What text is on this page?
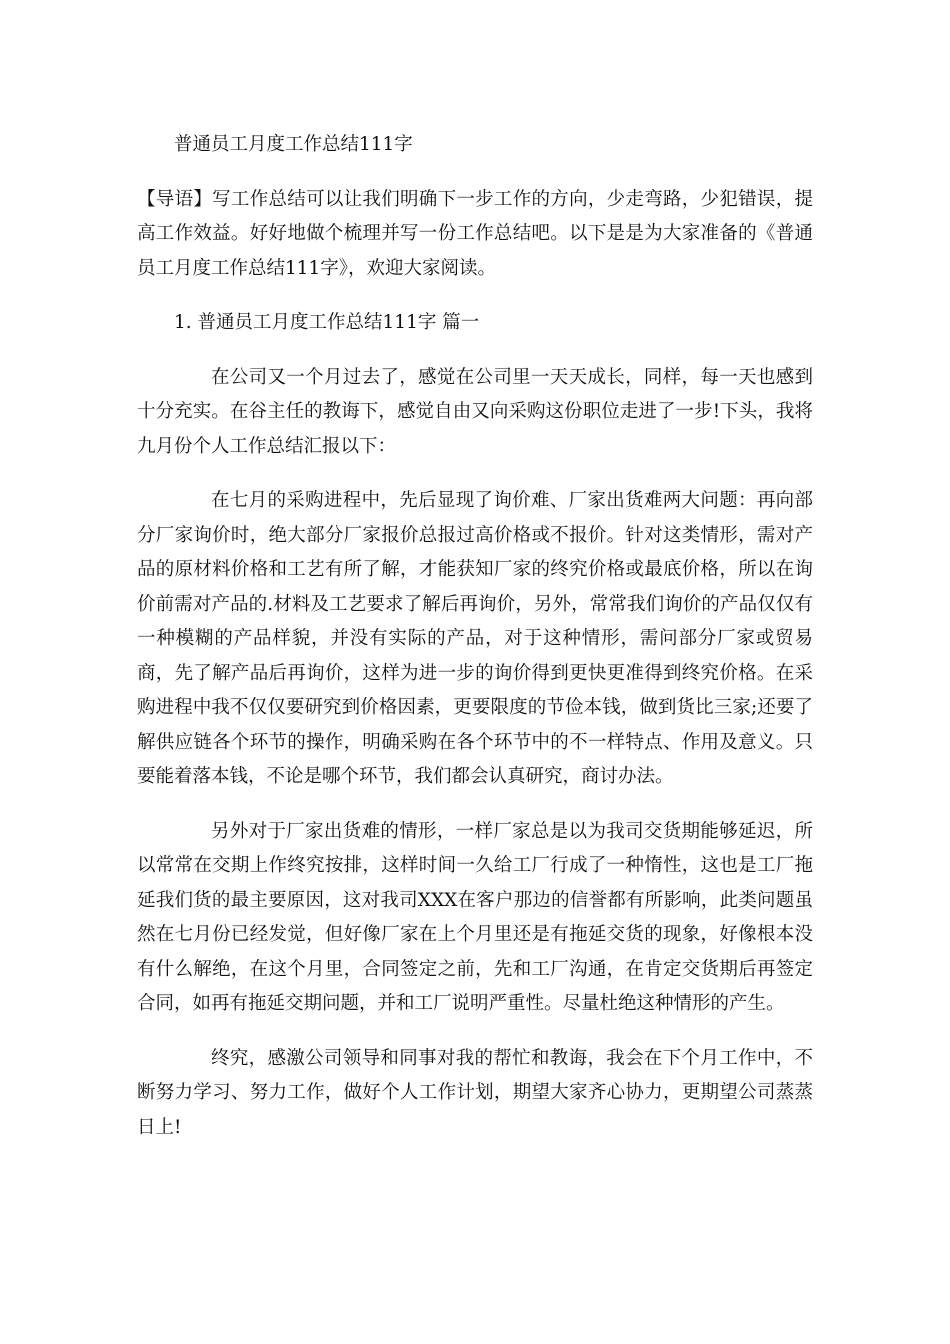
普通员工月度工作总结111字

【导语】写工作总结可以让我们明确下一步工作的方向，少走弯路，少犯错误，提高工作效益。好好地做个梳理并写一份工作总结吧。以下是是为大家准备的《普通员工月度工作总结111字》，欢迎大家阅读。

1. 普通员工月度工作总结111字 篇一

在公司又一个月过去了，感觉在公司里一天天成长，同样，每一天也感到十分充实。在谷主任的教诲下，感觉自由又向采购这份职位走进了一步!下头，我将九月份个人工作总结汇报以下：

在七月的采购进程中，先后显现了询价难、厂家出货难两大问题：再向部分厂家询价时，绝大部分厂家报价总报过高价格或不报价。针对这类情形，需对产品的原材料价格和工艺有所了解，才能获知厂家的终究价格或最底价格，所以在询价前需对产品的.材料及工艺要求了解后再询价，另外，常常我们询价的产品仅仅有一种模糊的产品样貌，并没有实际的产品，对于这种情形，需问部分厂家或贸易商，先了解产品后再询价，这样为进一步的询价得到更快更准得到终究价格。在采购进程中我不仅仅要研究到价格因素，更要限度的节俭本钱，做到货比三家;还要了解供应链各个环节的操作，明确采购在各个环节中的不一样特点、作用及意义。只要能着落本钱，不论是哪个环节，我们都会认真研究，商讨办法。

另外对于厂家出货难的情形，一样厂家总是以为我司交货期能够延迟，所以常常在交期上作终究按排，这样时间一久给工厂行成了一种惰性，这也是工厂拖延我们货的最主要原因，这对我司XXX在客户那边的信誉都有所影响，此类问题虽然在七月份已经发觉，但好像厂家在上个月里还是有拖延交货的现象，好像根本没有什么解绝，在这个月里，合同签定之前，先和工厂沟通，在肯定交货期后再签定合同，如再有拖延交期问题，并和工厂说明严重性。尽量杜绝这种情形的产生。

终究，感激公司领导和同事对我的帮忙和教诲，我会在下个月工作中，不断努力学习、努力工作，做好个人工作计划，期望大家齐心协力，更期望公司蒸蒸日上!
